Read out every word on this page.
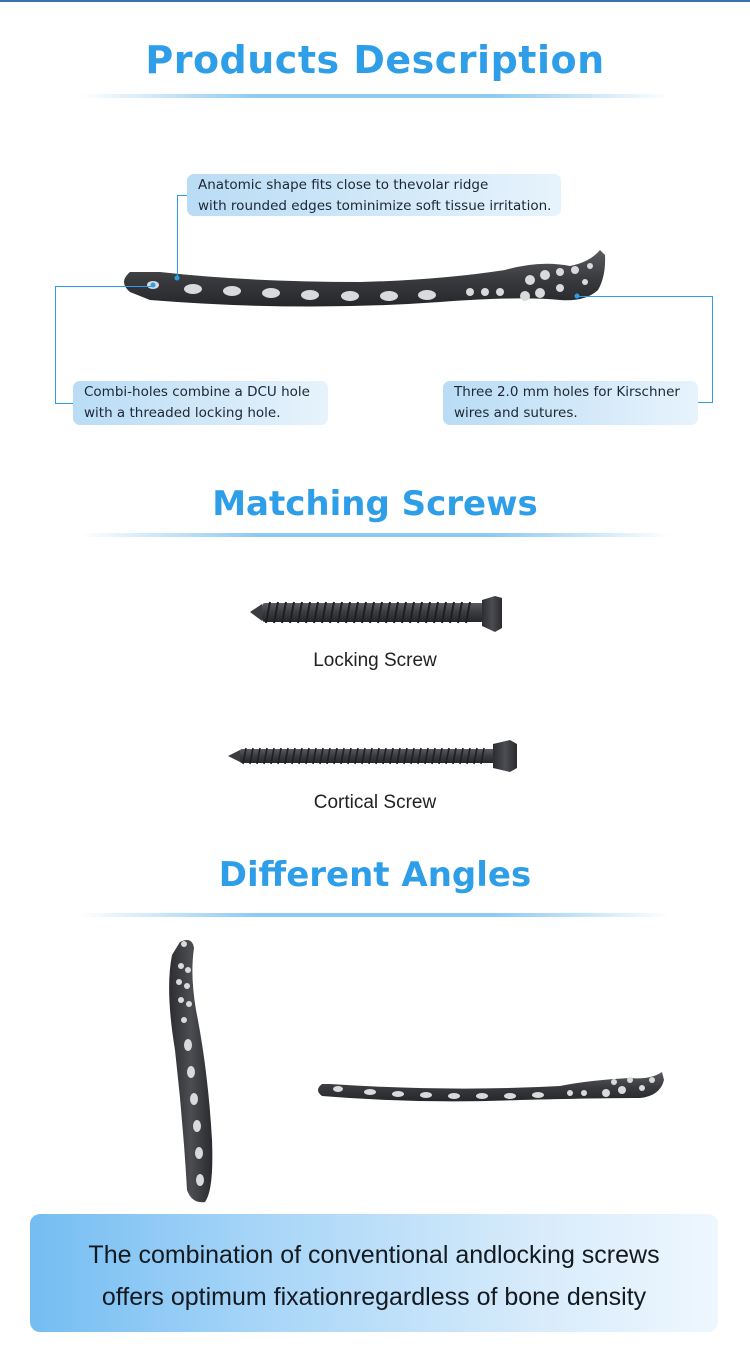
Products Description
Anatomic shape fits close to thevolar ridge
with rounded edges tominimize soft tissue irritation.
Combi-holes combine a DCU hole
with a threaded locking hole.
Three 2.0 mm holes for Kirschner
wires and sutures.
Matching Screws
Locking Screw
Cortical Screw
Different Angles
The combination of conventional andlocking screws
offers optimum fixationregardless of bone density
